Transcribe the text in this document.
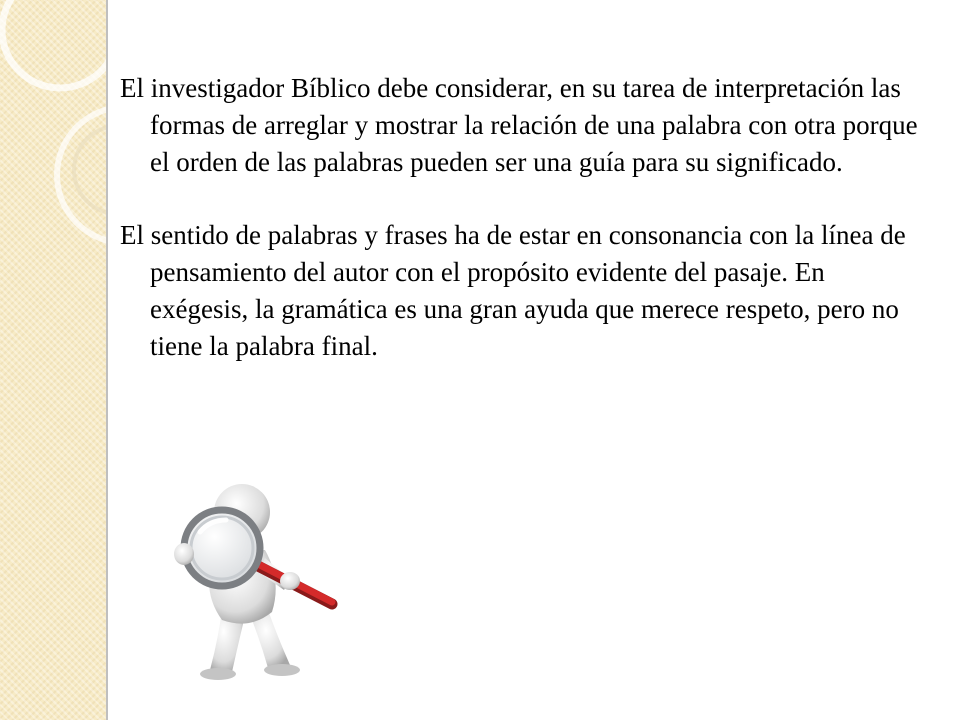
El investigador Bíblico debe considerar, en su tarea de interpretación las formas de arreglar y mostrar la relación de una palabra con otra porque el orden de las palabras pueden ser una guía para su significado.

El sentido de palabras y frases ha de estar en consonancia con la línea de pensamiento del autor con el propósito evidente del pasaje. En exégesis, la gramática es una gran ayuda que merece respeto, pero no tiene la palabra final.
